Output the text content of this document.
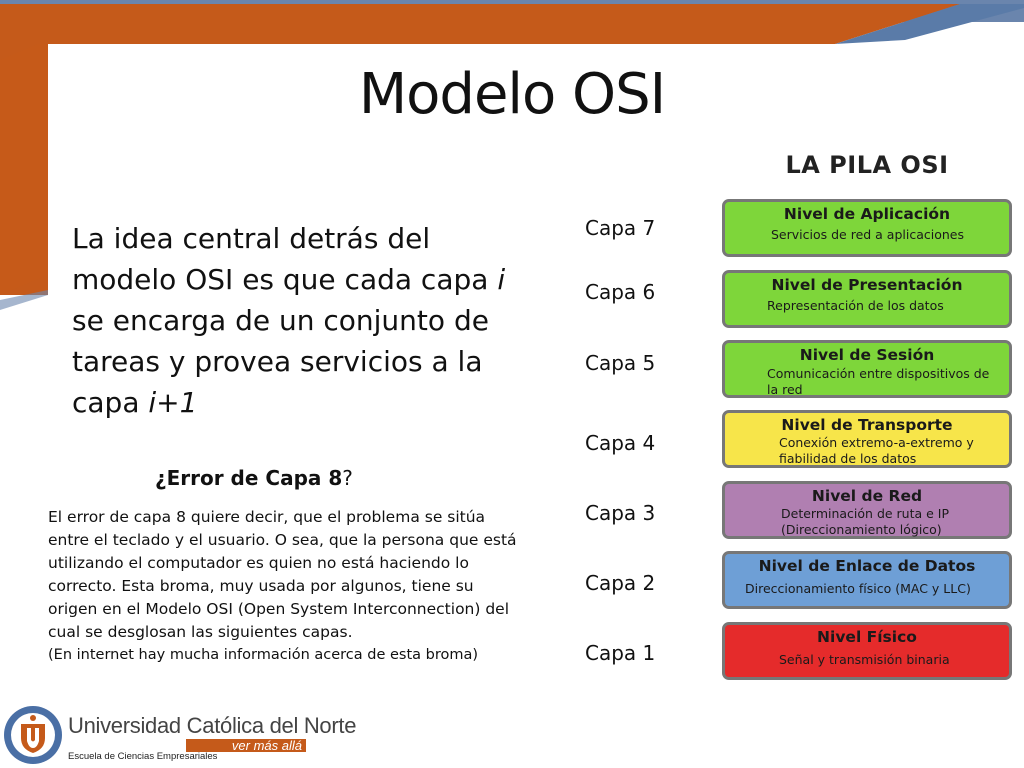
Modelo OSI
La idea central detrás del modelo OSI es que cada capa i se encarga de un conjunto de tareas y provea servicios a la capa i+1
¿Error de Capa 8?
El error de capa 8 quiere decir, que el problema se sitúa entre el teclado y el usuario. O sea, que la persona que está utilizando el computador es quien no está haciendo lo correcto. Esta broma, muy usada por algunos, tiene su origen en el Modelo OSI (Open System Interconnection) del cual se desglosan las siguientes capas.
(En internet hay mucha información acerca de esta broma)
Capa 7
Capa 6
Capa 5
Capa 4
Capa 3
Capa 2
Capa 1
LA PILA OSI
Nivel de Aplicación
Servicios de red a aplicaciones
Nivel de Presentación
Representación de los datos
Nivel de Sesión
Comunicación entre dispositivos de la red
Nivel de Transporte
Conexión extremo-a-extremo y fiabilidad de los datos
Nivel de Red
Determinación de ruta e IP (Direccionamiento lógico)
Nivel de Enlace de Datos
Direccionamiento físico (MAC y LLC)
Nivel Físico
Señal y transmisión binaria
Universidad Católica del Norte
ver más allá
Escuela de Ciencias Empresariales
